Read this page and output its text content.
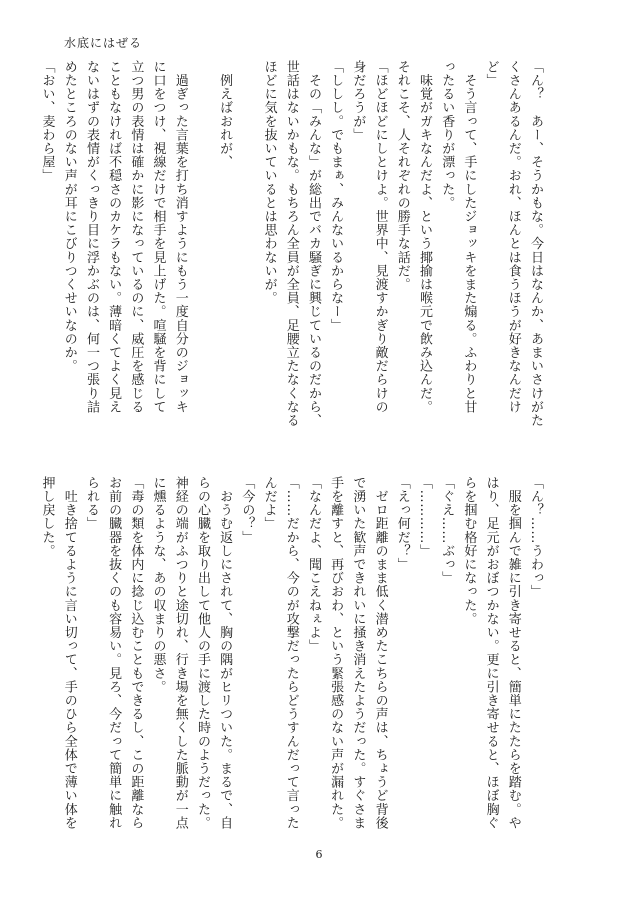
水底にはぜる

「ん？　あー、そうかもな。今日はなんか、あまいさけがた

くさんあるんだ。おれ、ほんとは食うほうが好きなんだけ

ど」

　そう言って、手にしたジョッキをまた煽る。ふわりと甘

ったるい香りが漂った。

　味覚がガキなんだよ、という揶揄は喉元で飲み込んだ。

それこそ、人それぞれの勝手な話だ。

「ほどほどにしとけよ。世界中、見渡すかぎり敵だらけの

身だろうが」

「ししし。でもまぁ、みんないるからなー」

　その「みんな」が総出でバカ騒ぎに興じているのだから、

世話はないかもな。もちろん全員が全員、足腰立たなくなる

ほどに気を抜いているとは思わないが。

　例えばおれが、

　過ぎった言葉を打ち消すようにもう一度自分のジョッキ

に口をつけ、視線だけで相手を見上げた。喧騒を背にして

立つ男の表情は確かに影になっているのに、威圧を感じる

こともなければ不穏さのカケラもない。薄暗くてよく見え

ないはずの表情がくっきり目に浮かぶのは、何一つ張り詰

めたところのない声が耳にこびりつくせいなのか。

「おい、麦わら屋」

「ん？……うわっ」

　服を掴んで雑に引き寄せると、簡単にたたらを踏む。や

はり、足元がおぼつかない。更に引き寄せると、ほぼ胸ぐ

らを掴む格好になった。

「ぐえ……ぶっ」

「…………」

「えっ何だ？」

　ゼロ距離のまま低く潜めたこちらの声は、ちょうど背後

で湧いた歓声できれいに掻き消えたようだった。すぐさま

手を離すと、再びおわ、という緊張感のない声が漏れた。

「なんだよ、聞こえねぇよ」

「……だから、今のが攻撃だったらどうすんだって言った

んだよ」

「今の？」

　おうむ返しにされて、胸の隅がヒリついた。まるで、自

らの心臓を取り出して他人の手に渡した時のようだった。

神経の端がふつりと途切れ、行き場を無くした脈動が一点

に燻るような、あの収まりの悪さ。

「毒の類を体内に捻じ込むこともできるし、この距離なら

お前の臓器を抜くのも容易い。見ろ、今だって簡単に触れ

られる」

　吐き捨てるように言い切って、手のひら全体で薄い体を

押し戻した。

6
